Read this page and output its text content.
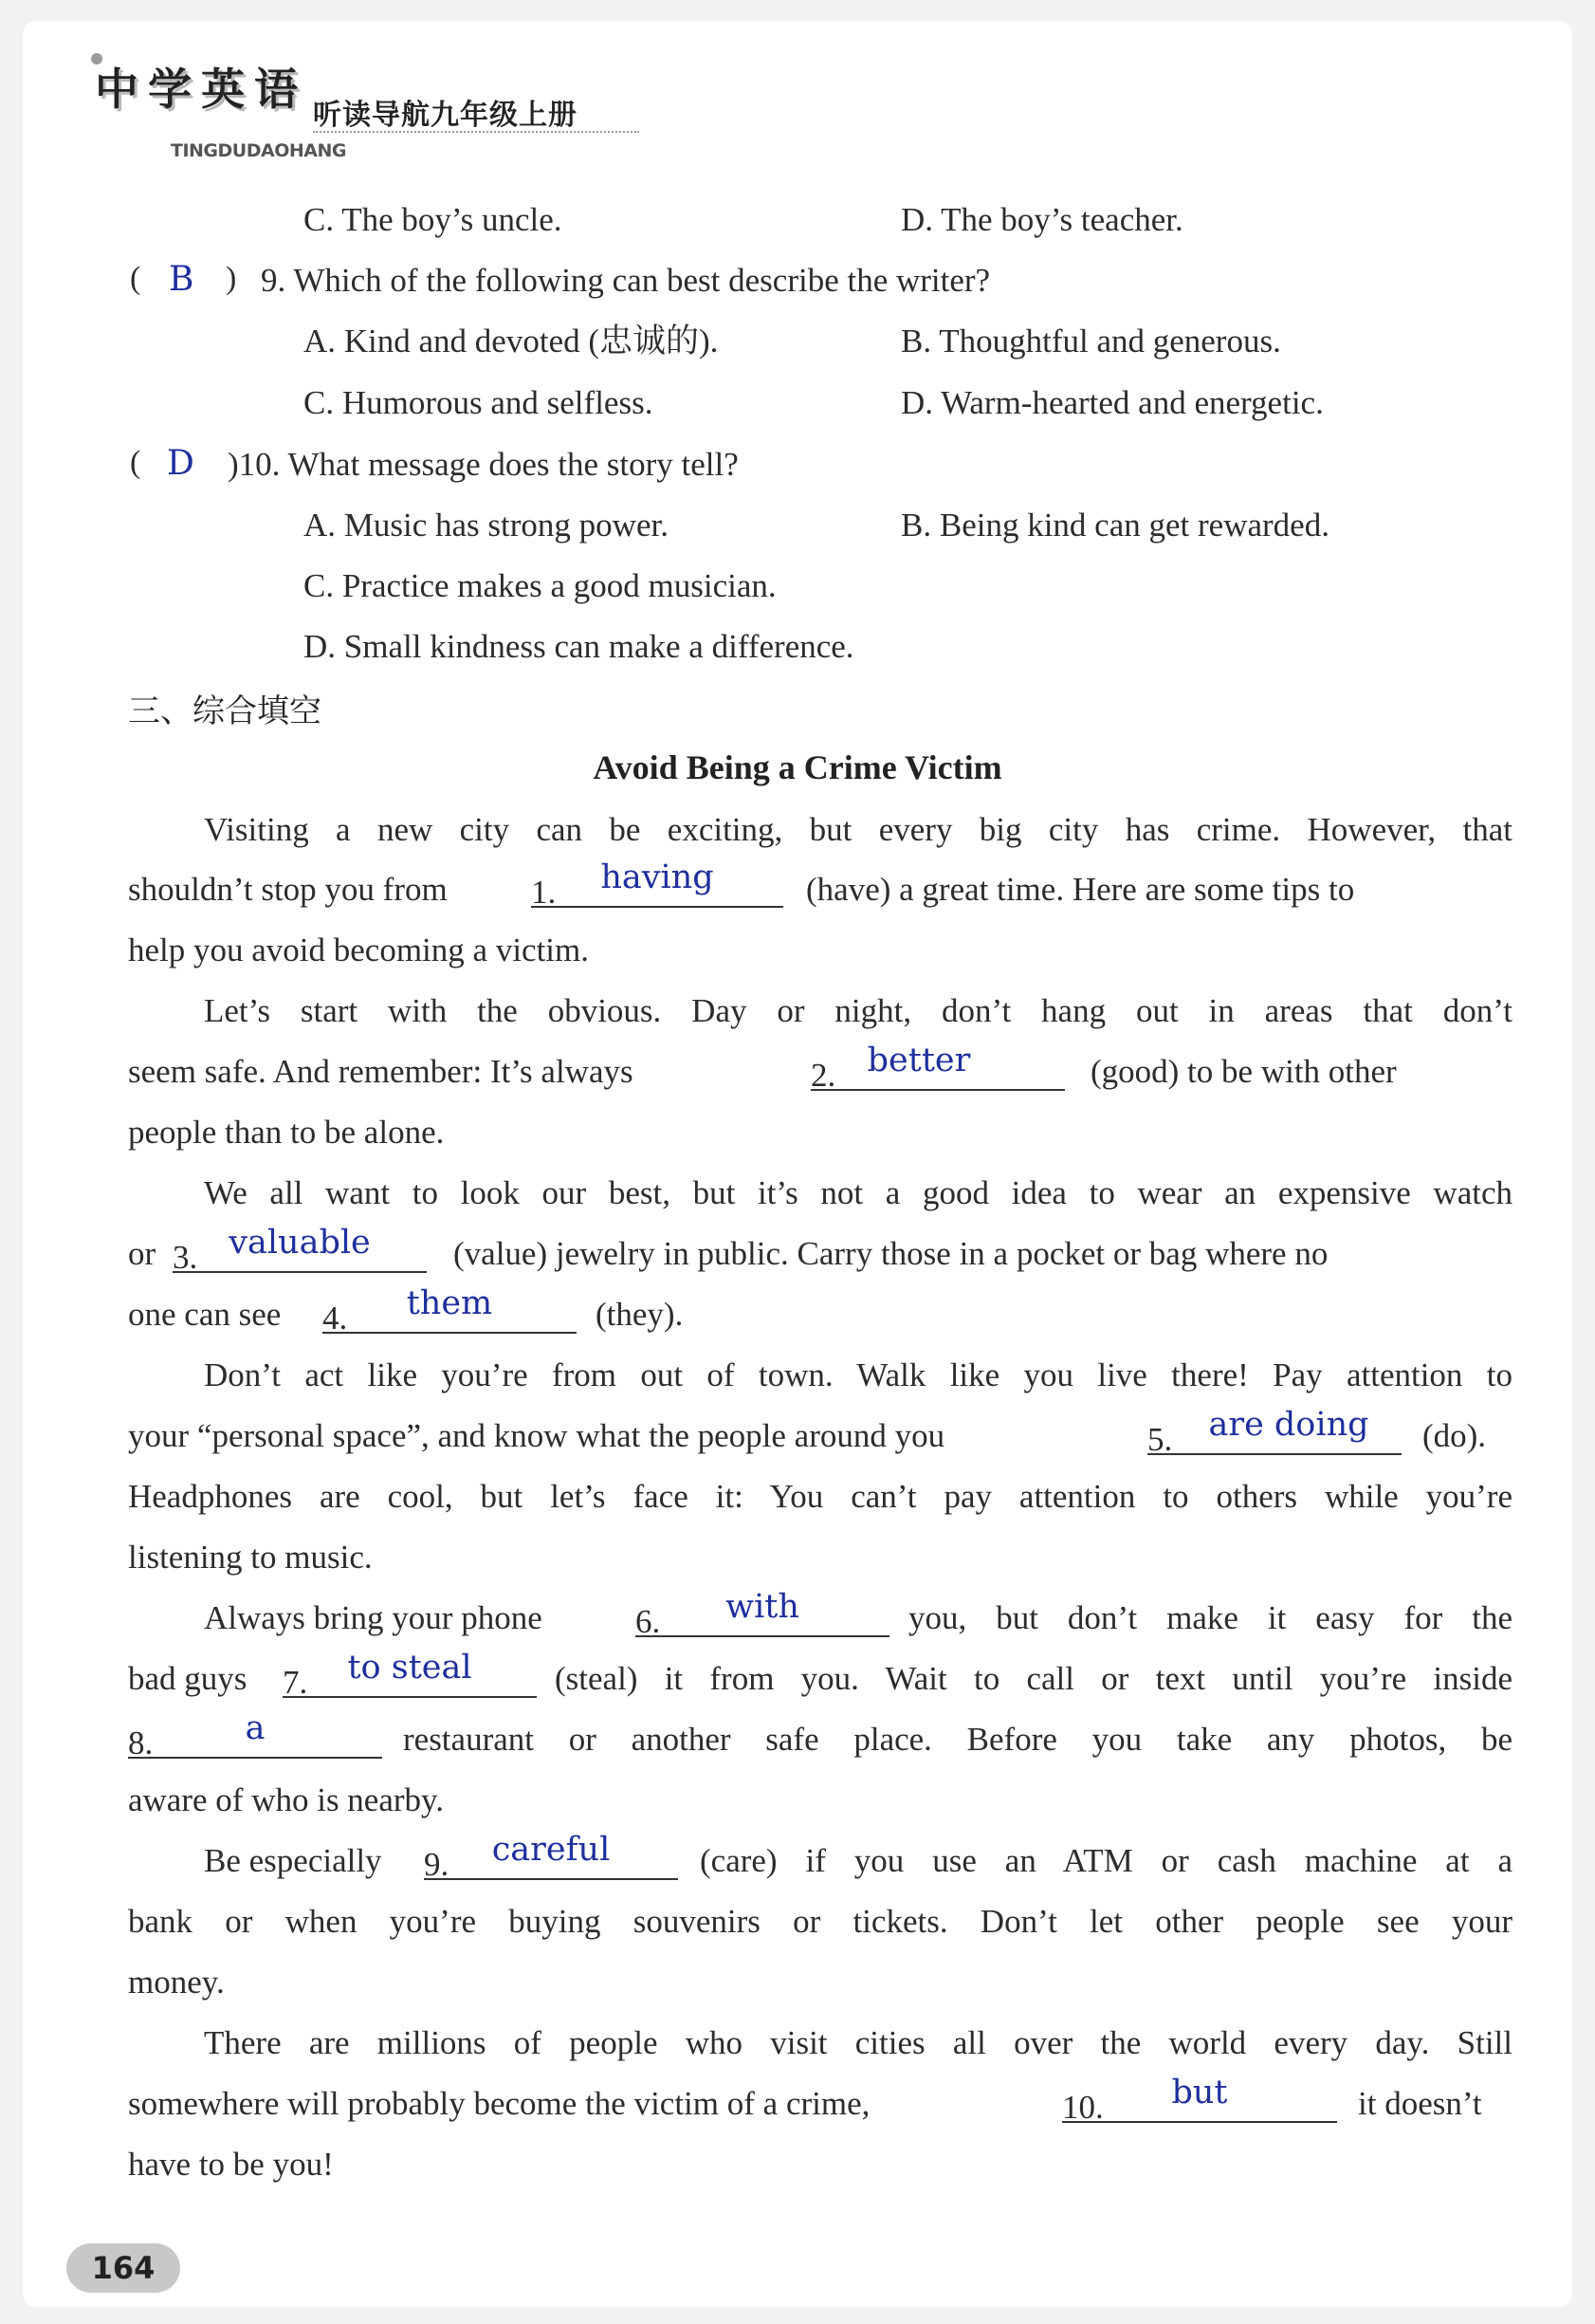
中学英语
听读导航九年级上册
TINGDUDAOHANG
C. The boy’s uncle.	D. The boy’s teacher.
( B ) 9. Which of the following can best describe the writer?
A. Kind and devoted (忠诚的).	B. Thoughtful and generous.
C. Humorous and selfless.	D. Warm-hearted and energetic.
( D )10. What message does the story tell?
A. Music has strong power.	B. Being kind can get rewarded.
C. Practice makes a good musician.
D. Small kindness can make a difference.
三、综合填空
Avoid Being a Crime Victim
Visiting a new city can be exciting, but every big city has crime. However, that
shouldn’t stop you from	1.	having	(have) a great time. Here are some tips to
help you avoid becoming a victim.
Let’s start with the obvious. Day or night, don’t hang out in areas that don’t
seem safe. And remember: It’s always	2. better	(good) to be with other
people than to be alone.
We all want to look our best, but it’s not a good idea to wear an expensive watch
or 3. valuable	(value) jewelry in public. Carry those in a pocket or bag where no
one can see 4.	them	(they).
Don’t act like you’re from out of town. Walk like you live there! Pay attention to
your “personal space”, and know what the people around you	5.	are doing	(do).
Headphones are cool, but let’s face it: You can’t pay attention to others while you’re
listening to music.
Always bring your phone	6.	with	you, but don’t make it easy for the
bad guys 7.	to steal	(steal) it from you. Wait to call or text until you’re inside
8.	a	restaurant or another safe place. Before you take any photos, be
aware of who is nearby.
Be especially 9.	careful	(care) if you use an ATM or cash machine at a
bank or when you’re buying souvenirs or tickets. Don’t let other people see your
money.
There are millions of people who visit cities all over the world every day. Still
somewhere will probably become the victim of a crime,	10.	but	it doesn’t
have to be you!
164
